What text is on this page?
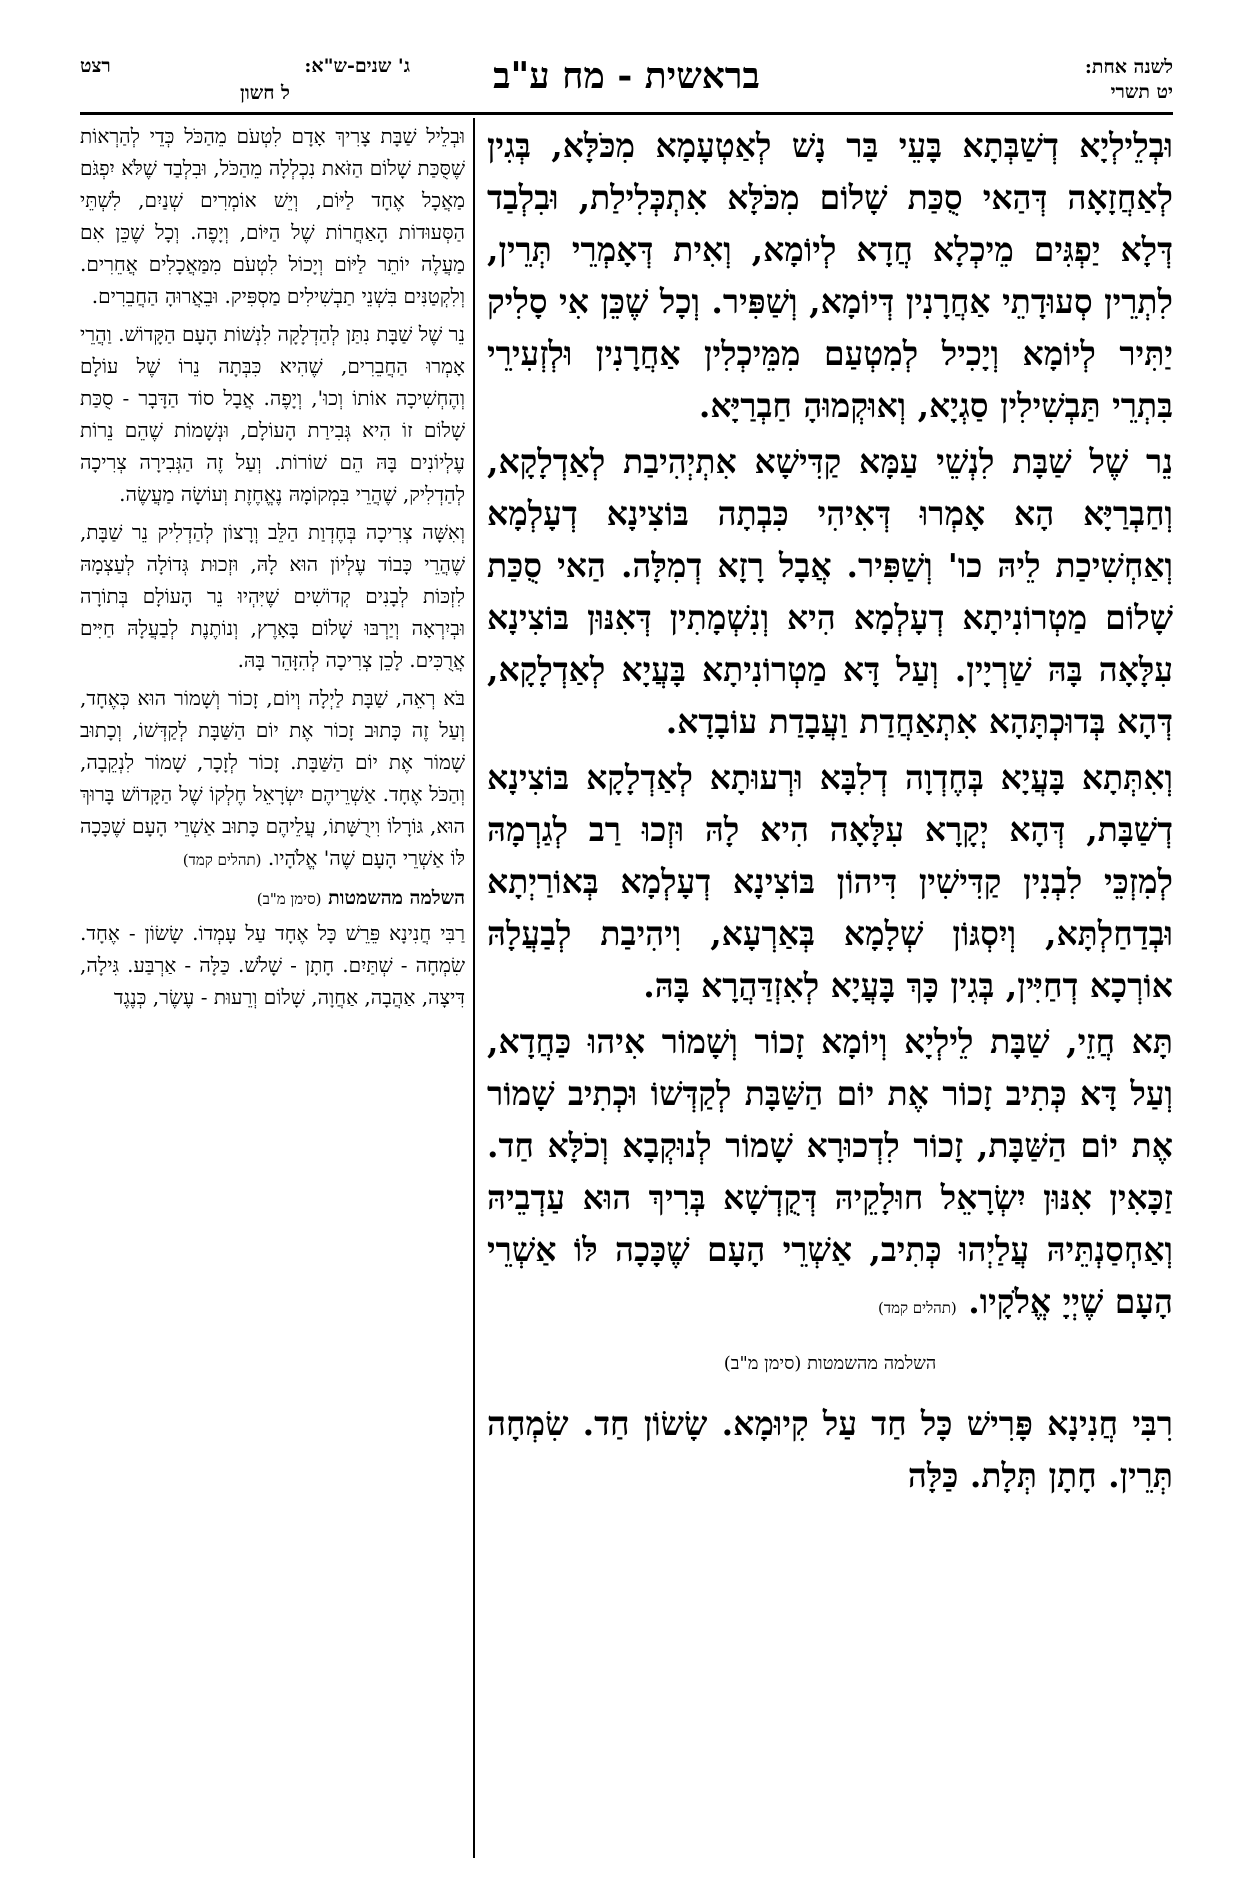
לשנה אחת:
יט תשרי
בראשית - מח ע"ב
ג' שנים-ש"א:
רצט
ל חשון

וּבְלֵילְיָא דְשַׁבְּתָא בָּעֵי בַּר נָשׁ לְאַטְעָמָא מִכֹּלָּא, בְּגִין לְאַחֲזָאָה דְּהַאי סֻכַּת שָׁלוֹם מִכֹּלָּא אִתְכְּלִילַת, וּבִלְבַד דְּלָא יַפְגִּים מֵיכְלָא חֲדָא לְיוֹמָא, וְאִית דְּאָמְרֵי תְּרֵין, לִתְרֵין סְעוּדָתֵי אַחֲרָנִין דְּיוֹמָא, וְשַׁפִּיר. וְכָל שֶׁכֵּן אִי סָלִיק יַתִּיר לְיוֹמָא וְיָכִיל לְמִטְעַם מִמֵּיכְלִין אַחֲרָנִין וּלְזְעִירֵי בִּתְרֵי תַּבְשִׁילִין סַגְיָא, וְאוּקְמוּהָ חַבְרַיָּא.

נֵר שֶׁל שַׁבָּת לִנְשֵׁי עַמָּא קַדִּישָׁא אִתְיְהִיבַת לְאַדְלָקָא, וְחַבְרַיָּא הָא אָמְרוּ דְּאִיהִי כִּבְתָה בּוֹצִינָא דְעָלְמָא וְאַחְשִׁיכַת לֵיהּ כו' וְשַׁפִּיר. אֲבָל רָזָא דְמִלָּה. הַאי סֻכַּת שָׁלוֹם מַטְרוֹנִיתָא דְעָלְמָא הִיא וְנִשְׁמָתִין דְּאִנּוּן בּוֹצִינָא עִלָּאָה בָּהּ שַׁרְיָין. וְעַל דָּא מַטְרוֹנִיתָא בָּעֲיָא לְאַדְלָקָא, דְּהָא בְּדוּכְתָּהָא אִתְאַחֲדַת וַעֲבָדַת עוֹבָדָא.

וְאִתְּתָא בָּעֲיָא בְּחֶדְוָה דְלִבָּא וּרְעוּתָא לְאַדְלָקָא בּוֹצִינָא דְשַׁבָּת, דְּהָא יְקָרָא עִלָּאָה הִיא לָהּ וּזְכוּ רַב לְגַרְמָהּ לְמִזְכֵּי לִבְנִין קַדִּישִׁין דִּיהוֹן בּוֹצִינָא דְעָלְמָא בְּאוֹרַיְתָא וּבְדַחַלְתָּא, וְיִסְגּוֹן שְׁלָמָא בְּאַרְעָא, וִיהִיבַת לְבַעֲלָהּ אוֹרְכָא דְחַיִּין, בְּגִין כָּךְ בָּעֲיָא לְאִזְדַּהֲרָא בָּהּ.

תָּא חֲזֵי, שַׁבָּת לֵילְיָא וְיוֹמָא זָכוֹר וְשָׁמוֹר אִיהוּ כַּחֲדָא, וְעַל דָּא כְּתִיב זָכוֹר אֶת יוֹם הַשַּׁבָּת לְקַדְּשׁוֹ וּכְתִיב שָׁמוֹר אֶת יוֹם הַשַּׁבָּת, זָכוֹר לִדְכוּרָא שָׁמוֹר לְנוּקְבָא וְכֹלָּא חַד. זַכָּאִין אִנּוּן יִשְׂרָאֵל חוּלָקֵיהּ דְּקֻדְשָׁא בְּרִיךְ הוּא עַדְבֵיהּ וְאַחְסַנְתֵּיהּ עֲלַיְהוּ כְּתִיב, אַשְׁרֵי הָעָם שֶׁכָּכָה לּוֹ אַשְׁרֵי הָעָם שֶׁיְיָ אֱלֹקָיו. (תהלים קמד)

השלמה מהשמטות (סימן מ"ב)

רִבִּי חֲנִינָא פָּרִישׁ כָּל חַד עַל קִיוּמָא. שָׂשׂוֹן חַד. שִׂמְחָה תְּרֵין. חָתָן תְּלָת. כַּלָּה

וּבְלֵיל שַׁבָּת צָרִיךְ אָדָם לִטְעֹם מֵהַכֹּל כְּדֵי לְהַרְאוֹת שֶׁסֻּכַּת שָׁלוֹם הַזֹּאת נִכְלְלָה מֵהַכֹּל, וּבִלְבַד שֶׁלֹּא יִפְגֹּם מַאֲכָל אֶחָד לַיּוֹם, וְיֵשׁ אוֹמְרִים שְׁנַיִם, לִשְׁתֵּי הַסְּעוּדוֹת הָאַחֲרוֹת שֶׁל הַיּוֹם, וְיָפֶה. וְכָל שֶׁכֵּן אִם מַעֲלֶה יוֹתֵר לַיּוֹם וְיָכוֹל לִטְעֹם מִמַּאֲכָלִים אֲחֵרִים. וְלִקְטַנִּים בִּשְׁנֵי תַבְשִׁילִים מַסְפִּיק. וּבֵאֲרוּהָ הַחֲבֵרִים.

נֵר שֶׁל שַׁבָּת נִתַּן לְהַדְלָקָה לִנְשׁוֹת הָעָם הַקָּדוֹשׁ. וַהֲרֵי אָמְרוּ הַחֲבֵרִים, שֶׁהִיא כִּבְּתָה נֵרוֹ שֶׁל עוֹלָם וְהֶחְשִׁיכָה אוֹתוֹ וְכוּ', וְיָפֶה. אֲבָל סוֹד הַדָּבָר - סֻכַּת שָׁלוֹם זוֹ הִיא גְּבִירַת הָעוֹלָם, וּנְשָׁמוֹת שֶׁהֵם נֵרוֹת עֶלְיוֹנִים בָּהּ הֵם שׁוֹרוֹת. וְעַל זֶה הַגְּבִירָה צְרִיכָה לְהַדְלִיק, שֶׁהֲרֵי בִּמְקוֹמָהּ נֶאֱחֶזֶת וְעוֹשָׂה מַעֲשֶׂה.

וְאִשָּׁה צְרִיכָה בְּחֶדְוַת הַלֵּב וְרָצוֹן לְהַדְלִיק נֵר שַׁבָּת, שֶׁהֲרֵי כָּבוֹד עֶלְיוֹן הוּא לָהּ, וּזְכוּת גְּדוֹלָה לְעַצְמָהּ לִזְכּוֹת לְבָנִים קְדוֹשִׁים שֶׁיִּהְיוּ נֵר הָעוֹלָם בְּתוֹרָה וּבְיִרְאָה וְיַרְבּוּ שָׁלוֹם בָּאָרֶץ, וְנוֹתֶנֶת לְבַעֲלָהּ חַיִּים אֲרֻכִּים. לָכֵן צְרִיכָה לְהִזָּהֵר בָּהּ.

בֹּא רְאֵה, שַׁבָּת לַיְלָה וְיוֹם, זָכוֹר וְשָׁמוֹר הוּא כְּאֶחָד, וְעַל זֶה כָּתוּב זָכוֹר אֶת יוֹם הַשַּׁבָּת לְקַדְּשׁוֹ, וְכָתוּב שָׁמוֹר אֶת יוֹם הַשַּׁבָּת. זָכוֹר לְזָכָר, שָׁמוֹר לִנְקֵבָה, וְהַכֹּל אֶחָד. אַשְׁרֵיהֶם יִשְׂרָאֵל חֶלְקוֹ שֶׁל הַקָּדוֹשׁ בָּרוּךְ הוּא, גּוֹרָלוֹ וִירֻשָּׁתוֹ, עֲלֵיהֶם כָּתוּב אַשְׁרֵי הָעָם שֶׁכָּכָה לּוֹ אַשְׁרֵי הָעָם שֶׁה' אֱלֹהָיו. (תהלים קמד)

השלמה מהשמטות (סימן מ"ב)

רַבִּי חֲנִינָא פֵּרֵשׁ כָּל אֶחָד עַל עָמְדוֹ. שָׂשׂוֹן - אֶחָד. שִׂמְחָה - שְׁתַּיִם. חָתָן - שָׁלֹשׁ. כַּלָּה - אַרְבַּע. גִּילָה, דִּיצָה, אַהֲבָה, אַחֲוָה, שָׁלוֹם וְרֵעוּת - עֶשֶׂר, כְּנֶגֶד
